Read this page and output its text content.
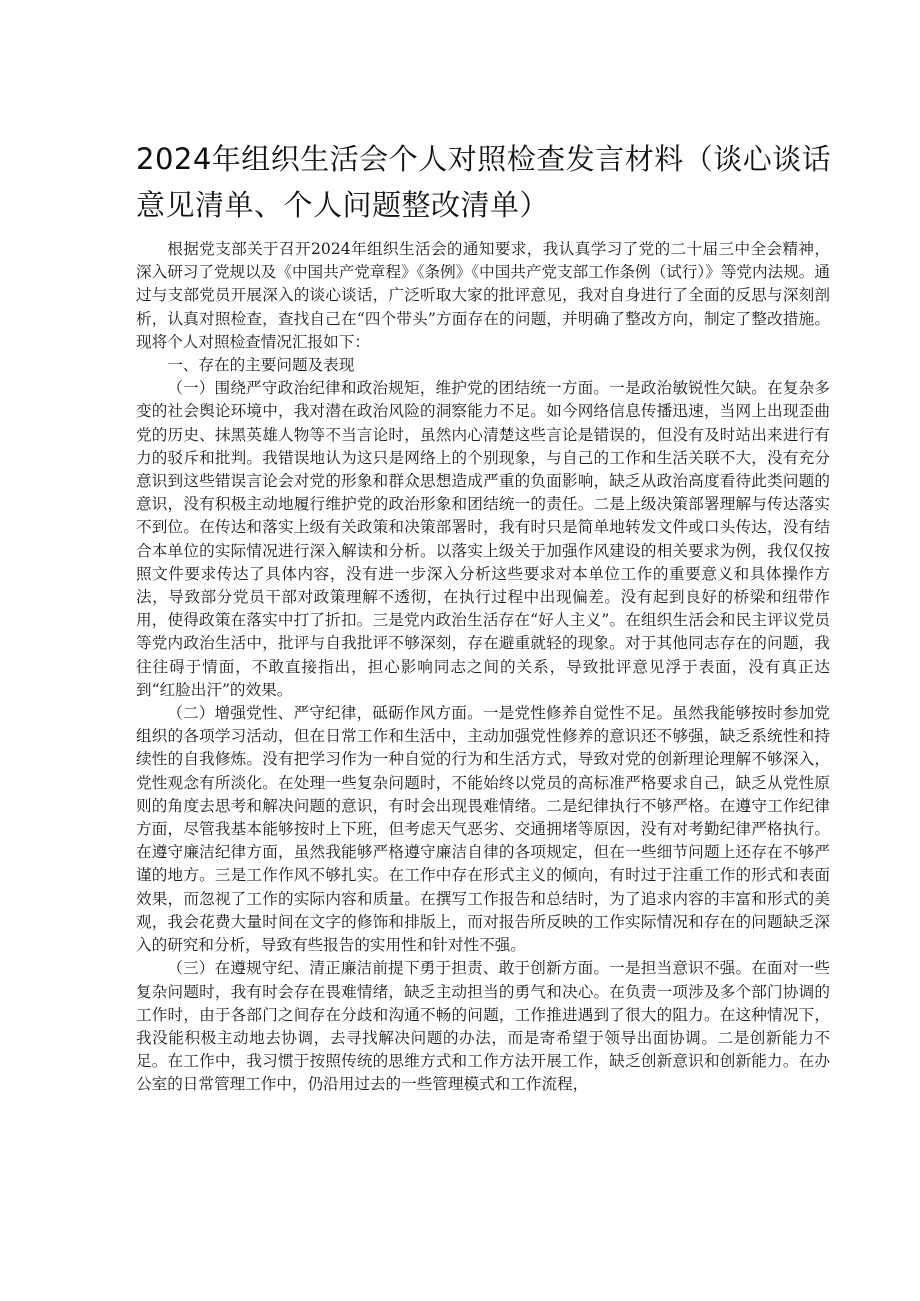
2024年组织生活会个人对照检查发言材料（谈心谈话意见清单、个人问题整改清单）

根据党支部关于召开2024年组织生活会的通知要求，我认真学习了党的二十届三中全会精神，深入研习了党规以及《中国共产党章程》《条例》《中国共产党支部工作条例（试行）》等党内法规。通过与支部党员开展深入的谈心谈话，广泛听取大家的批评意见，我对自身进行了全面的反思与深刻剖析，认真对照检查，查找自己在“四个带头”方面存在的问题，并明确了整改方向，制定了整改措施。现将个人对照检查情况汇报如下：

一、存在的主要问题及表现

（一）围绕严守政治纪律和政治规矩，维护党的团结统一方面。一是政治敏锐性欠缺。在复杂多变的社会舆论环境中，我对潜在政治风险的洞察能力不足。如今网络信息传播迅速，当网上出现歪曲党的历史、抹黑英雄人物等不当言论时，虽然内心清楚这些言论是错误的，但没有及时站出来进行有力的驳斥和批判。我错误地认为这只是网络上的个别现象，与自己的工作和生活关联不大，没有充分意识到这些错误言论会对党的形象和群众思想造成严重的负面影响，缺乏从政治高度看待此类问题的意识，没有积极主动地履行维护党的政治形象和团结统一的责任。二是上级决策部署理解与传达落实不到位。在传达和落实上级有关政策和决策部署时，我有时只是简单地转发文件或口头传达，没有结合本单位的实际情况进行深入解读和分析。以落实上级关于加强作风建设的相关要求为例，我仅仅按照文件要求传达了具体内容，没有进一步深入分析这些要求对本单位工作的重要意义和具体操作方法，导致部分党员干部对政策理解不透彻，在执行过程中出现偏差。没有起到良好的桥梁和纽带作用，使得政策在落实中打了折扣。三是党内政治生活存在“好人主义”。在组织生活会和民主评议党员等党内政治生活中，批评与自我批评不够深刻，存在避重就轻的现象。对于其他同志存在的问题，我往往碍于情面，不敢直接指出，担心影响同志之间的关系，导致批评意见浮于表面，没有真正达到“红脸出汗”的效果。

（二）增强党性、严守纪律，砥砺作风方面。一是党性修养自觉性不足。虽然我能够按时参加党组织的各项学习活动，但在日常工作和生活中，主动加强党性修养的意识还不够强，缺乏系统性和持续性的自我修炼。没有把学习作为一种自觉的行为和生活方式，导致对党的创新理论理解不够深入，党性观念有所淡化。在处理一些复杂问题时，不能始终以党员的高标准严格要求自己，缺乏从党性原则的角度去思考和解决问题的意识，有时会出现畏难情绪。二是纪律执行不够严格。在遵守工作纪律方面，尽管我基本能够按时上下班，但考虑天气恶劣、交通拥堵等原因，没有对考勤纪律严格执行。在遵守廉洁纪律方面，虽然我能够严格遵守廉洁自律的各项规定，但在一些细节问题上还存在不够严谨的地方。三是工作作风不够扎实。在工作中存在形式主义的倾向，有时过于注重工作的形式和表面效果，而忽视了工作的实际内容和质量。在撰写工作报告和总结时，为了追求内容的丰富和形式的美观，我会花费大量时间在文字的修饰和排版上，而对报告所反映的工作实际情况和存在的问题缺乏深入的研究和分析，导致有些报告的实用性和针对性不强。

（三）在遵规守纪、清正廉洁前提下勇于担责、敢于创新方面。一是担当意识不强。在面对一些复杂问题时，我有时会存在畏难情绪，缺乏主动担当的勇气和决心。在负责一项涉及多个部门协调的工作时，由于各部门之间存在分歧和沟通不畅的问题，工作推进遇到了很大的阻力。在这种情况下，我没能积极主动地去协调，去寻找解决问题的办法，而是寄希望于领导出面协调。二是创新能力不足。在工作中，我习惯于按照传统的思维方式和工作方法开展工作，缺乏创新意识和创新能力。在办公室的日常管理工作中，仍沿用过去的一些管理模式和工作流程，
